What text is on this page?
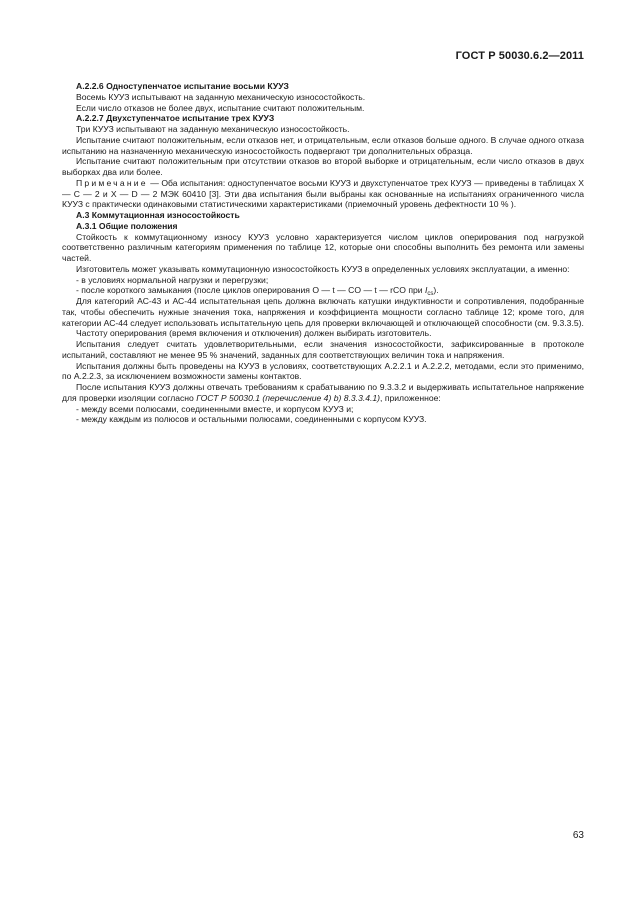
ГОСТ Р 50030.6.2—2011

А.2.2.6 Одноступенчатое испытание восьми КУУЗ

Восемь КУУЗ испытывают на заданную механическую износостойкость.

Если число отказов не более двух, испытание считают положительным.

А.2.2.7 Двухступенчатое испытание трех КУУЗ

Три КУУЗ испытывают на заданную механическую износостойкость.

Испытание считают положительным, если отказов нет, и отрицательным, если отказов больше одного. В случае одного отказа испытанию на назначенную механическую износостойкость подвергают три дополнительных образца.

Испытание считают положительным при отсутствии отказов во второй выборке и отрицательным, если число отказов в двух выборках два или более.

Примечание — Оба испытания: одноступенчатое восьми КУУЗ и двухступенчатое трех КУУЗ — приведены в таблицах X — C — 2 и X — D — 2 МЭК 60410 [3]. Эти два испытания были выбраны как основанные на испытаниях ограниченного числа КУУЗ с практически одинаковыми статистическими характеристиками (приемочный уровень дефектности 10 % ).

А.3 Коммутационная износостойкость

А.3.1 Общие положения

Стойкость к коммутационному износу КУУЗ условно характеризуется числом циклов оперирования под нагрузкой соответственно различным категориям применения по таблице 12, которые они способны выполнить без ремонта или замены частей.

Изготовитель может указывать коммутационную износостойкость КУУЗ в определенных условиях эксплуатации, а именно:

- в условиях нормальной нагрузки и перегрузки;

- после короткого замыкания (после циклов оперирования O — t — CO — t — rCO при $I_{cs}$).

Для категорий АС-43 и АС-44 испытательная цепь должна включать катушки индуктивности и сопротивления, подобранные так, чтобы обеспечить нужные значения тока, напряжения и коэффициента мощности согласно таблице 12; кроме того, для категории АС-44 следует использовать испытательную цепь для проверки включающей и отключающей способности (см. 9.3.3.5).

Частоту оперирования (время включения и отключения) должен выбирать изготовитель.

Испытания следует считать удовлетворительными, если значения износостойкости, зафиксированные в протоколе испытаний, составляют не менее 95 % значений, заданных для соответствующих величин тока и напряжения.

Испытания должны быть проведены на КУУЗ в условиях, соответствующих А.2.2.1 и А.2.2.2, методами, если это применимо, по А.2.2.3, за исключением возможности замены контактов.

После испытания КУУЗ должны отвечать требованиям к срабатыванию по 9.3.3.2 и выдерживать испытательное напряжение для проверки изоляции согласно ГОСТ Р 50030.1 (перечисление 4) b) 8.3.3.4.1), приложенное:

- между всеми полюсами, соединенными вместе, и корпусом КУУЗ и;

- между каждым из полюсов и остальными полюсами, соединенными с корпусом КУУЗ.

63
